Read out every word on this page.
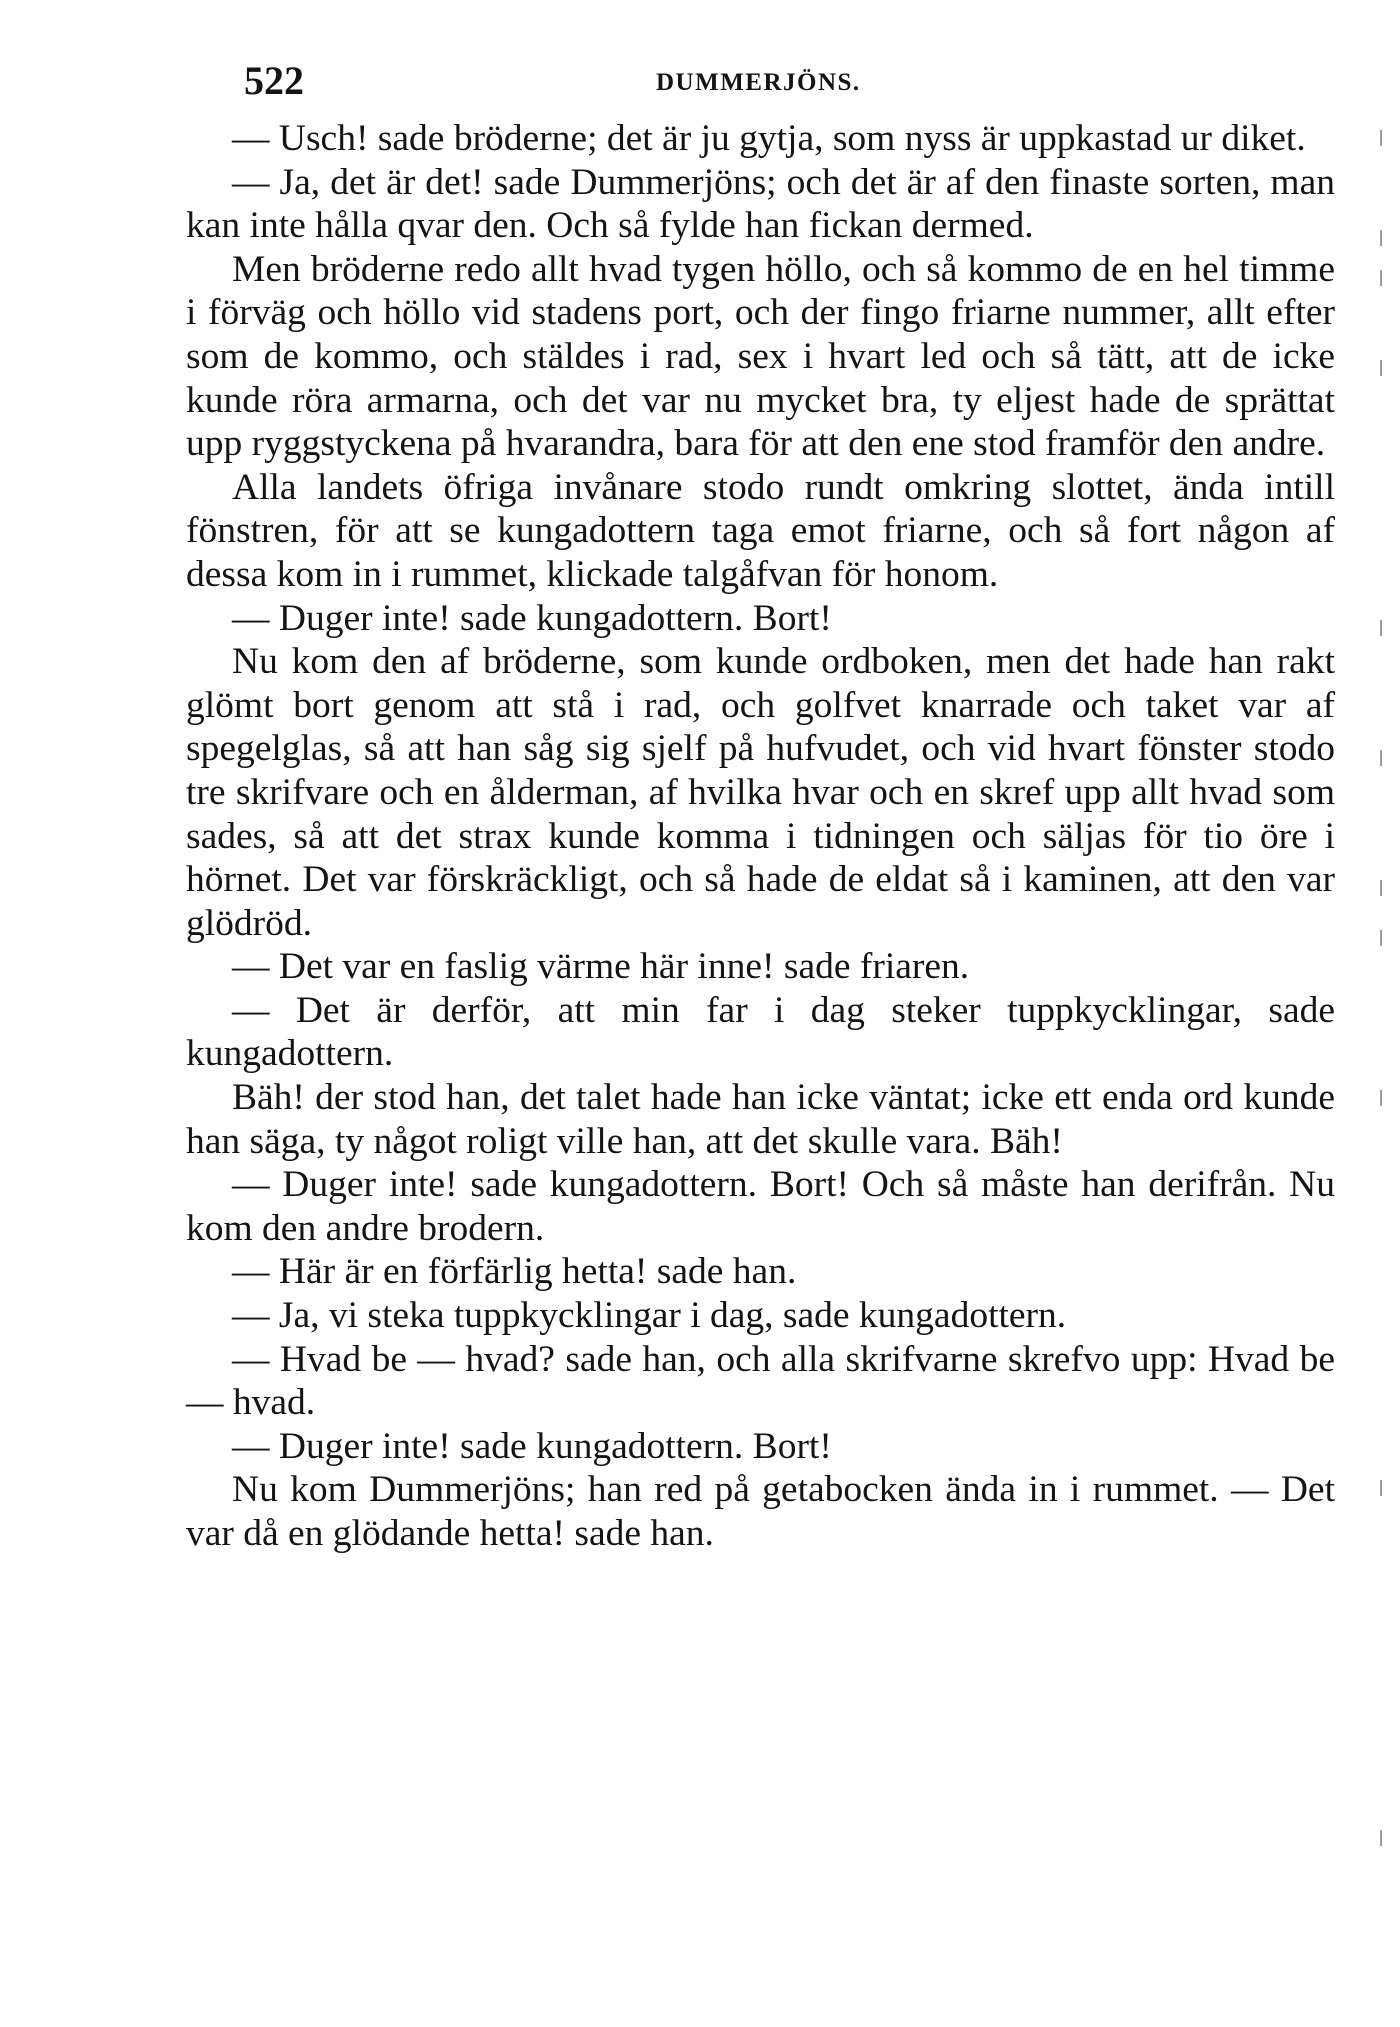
522	DUMMERJÖNS.

— Usch! sade bröderne; det är ju gytja, som nyss är uppkastad ur diket.

— Ja, det är det! sade Dummerjöns; och det är af den finaste sorten, man kan inte hålla qvar den. Och så fylde han fickan dermed.

Men bröderne redo allt hvad tygen höllo, och så kommo de en hel timme i förväg och höllo vid stadens port, och der fingo friarne nummer, allt efter som de kommo, och stäldes i rad, sex i hvart led och så tätt, att de icke kunde röra armarna, och det var nu mycket bra, ty eljest hade de sprättat upp ryggstyckena på hvarandra, bara för att den ene stod framför den andre.

Alla landets öfriga invånare stodo rundt omkring slottet, ända intill fönstren, för att se kungadottern taga emot friarne, och så fort någon af dessa kom in i rummet, klickade talgåfvan för honom.

— Duger inte! sade kungadottern. Bort!

Nu kom den af bröderne, som kunde ordboken, men det hade han rakt glömt bort genom att stå i rad, och golfvet knarrade och taket var af spegelglas, så att han såg sig sjelf på hufvudet, och vid hvart fönster stodo tre skrifvare och en ålderman, af hvilka hvar och en skref upp allt hvad som sades, så att det strax kunde komma i tidningen och säljas för tio öre i hörnet. Det var förskräckligt, och så hade de eldat så i kaminen, att den var glödröd.

— Det var en faslig värme här inne! sade friaren.

— Det är derför, att min far i dag steker tuppkycklingar, sade kungadottern.

Bäh! der stod han, det talet hade han icke väntat; icke ett enda ord kunde han säga, ty något roligt ville han, att det skulle vara. Bäh!

— Duger inte! sade kungadottern. Bort! Och så måste han derifrån. Nu kom den andre brodern.

— Här är en förfärlig hetta! sade han.

— Ja, vi steka tuppkycklingar i dag, sade kungadottern.

— Hvad be — hvad? sade han, och alla skrifvarne skrefvo upp: Hvad be — hvad.

— Duger inte! sade kungadottern. Bort!

Nu kom Dummerjöns; han red på getabocken ända in i rummet. — Det var då en glödande hetta! sade han.
